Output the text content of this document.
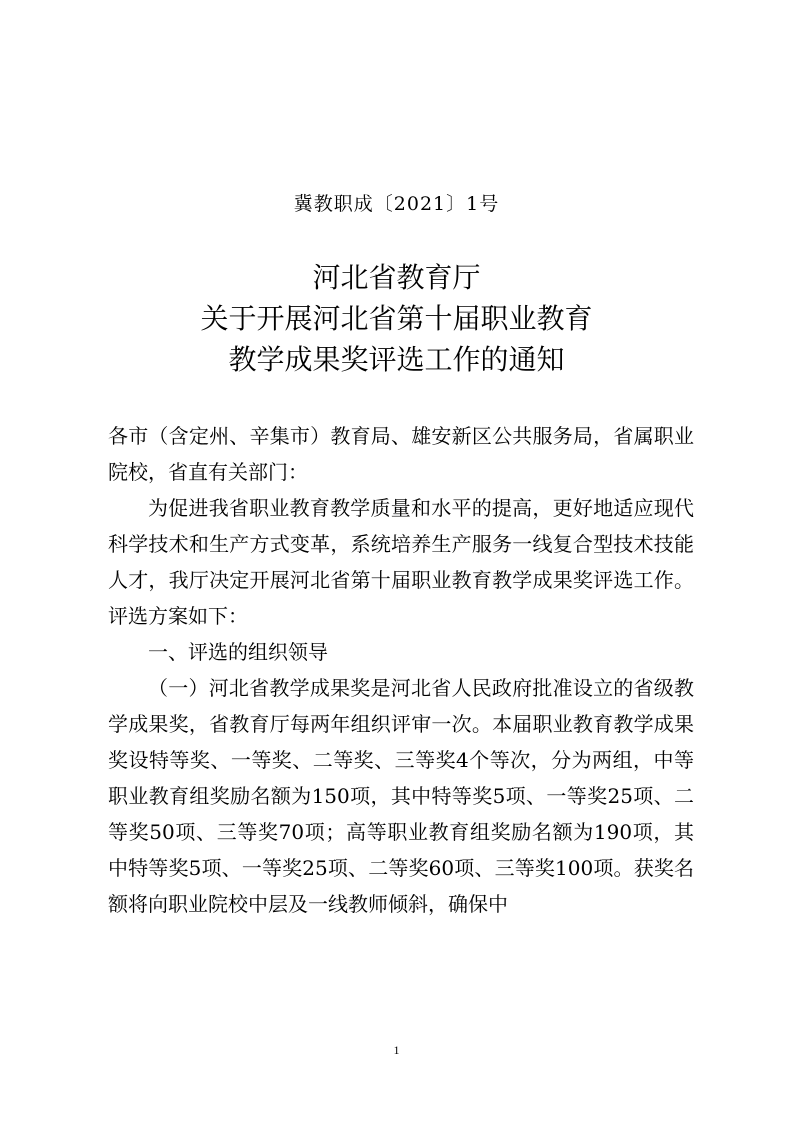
冀教职成〔2021〕1号
河北省教育厅
关于开展河北省第十届职业教育
教学成果奖评选工作的通知

各市（含定州、辛集市）教育局、雄安新区公共服务局，省属职业院校，省直有关部门：

为促进我省职业教育教学质量和水平的提高，更好地适应现代科学技术和生产方式变革，系统培养生产服务一线复合型技术技能人才，我厅决定开展河北省第十届职业教育教学成果奖评选工作。评选方案如下：

一、评选的组织领导

（一）河北省教学成果奖是河北省人民政府批准设立的省级教学成果奖，省教育厅每两年组织评审一次。本届职业教育教学成果奖设特等奖、一等奖、二等奖、三等奖4个等次，分为两组，中等职业教育组奖励名额为150项，其中特等奖5项、一等奖25项、二等奖50项、三等奖70项；高等职业教育组奖励名额为190项，其中特等奖5项、一等奖25项、二等奖60项、三等奖100项。获奖名额将向职业院校中层及一线教师倾斜，确保中

1
